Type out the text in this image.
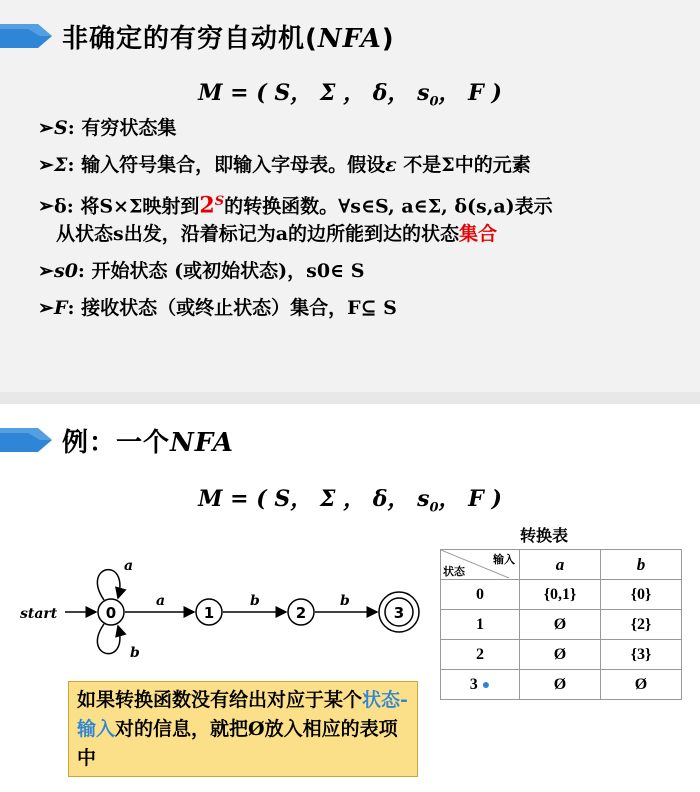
非确定的有穷自动机(NFA)
M = ( S， Σ ， δ， $s_0$， F )
➢S: 有穷状态集
➢Σ: 输入符号集合，即输入字母表。假设ε 不是Σ中的元素
➢δ: 将S×Σ映射到$2^S$的转换函数。∀s∈S, a∈Σ, δ(s,a)表示
从状态s出发，沿着标记为a的边所能到达的状态集合
➢s0: 开始状态 (或初始状态)，s0∈ S
➢F: 接收状态（或终止状态）集合，F⊆ S
例：一个NFA
M = ( S， Σ ， δ， $s_0$， F )
start
a
b
0	1	2	3
a	b	b
转换表
输入
状态	a	b
0	{0,1}	{0}
1	Ø	{2}
2	Ø	{3}
3 ●	Ø	Ø
如果转换函数没有给出对应于某个状态-输入对的信息，就把Ø放入相应的表项中
